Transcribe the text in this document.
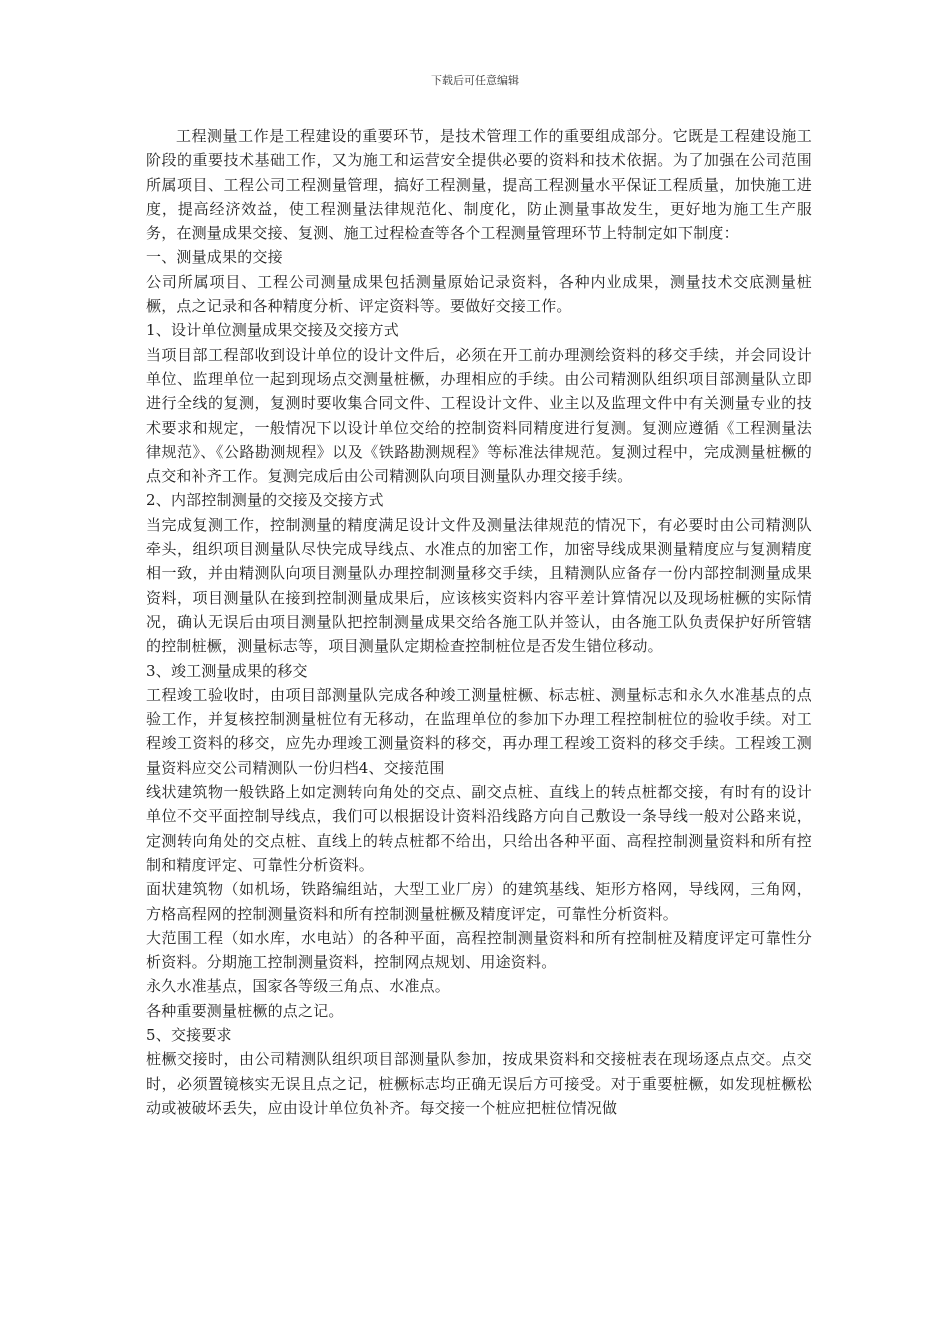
下载后可任意编辑

工程测量工作是工程建设的重要环节，是技术管理工作的重要组成部分。它既是工程建设施工阶段的重要技术基础工作，又为施工和运营安全提供必要的资料和技术依据。为了加强在公司范围所属项目、工程公司工程测量管理，搞好工程测量，提高工程测量水平保证工程质量，加快施工进度，提高经济效益，使工程测量法律规范化、制度化，防止测量事故发生，更好地为施工生产服务，在测量成果交接、复测、施工过程检查等各个工程测量管理环节上特制定如下制度：

一、测量成果的交接

公司所属项目、工程公司测量成果包括测量原始记录资料，各种内业成果，测量技术交底测量桩橛，点之记录和各种精度分析、评定资料等。要做好交接工作。

1、设计单位测量成果交接及交接方式

当项目部工程部收到设计单位的设计文件后，必须在开工前办理测绘资料的移交手续，并会同设计单位、监理单位一起到现场点交测量桩橛，办理相应的手续。由公司精测队组织项目部测量队立即进行全线的复测，复测时要收集合同文件、工程设计文件、业主以及监理文件中有关测量专业的技术要求和规定，一般情况下以设计单位交给的控制资料同精度进行复测。复测应遵循《工程测量法律规范》、《公路勘测规程》以及《铁路勘测规程》等标准法律规范。复测过程中，完成测量桩橛的点交和补齐工作。复测完成后由公司精测队向项目测量队办理交接手续。

2、内部控制测量的交接及交接方式

当完成复测工作，控制测量的精度满足设计文件及测量法律规范的情况下，有必要时由公司精测队牵头，组织项目测量队尽快完成导线点、水准点的加密工作，加密导线成果测量精度应与复测精度相一致，并由精测队向项目测量队办理控制测量移交手续，且精测队应备存一份内部控制测量成果资料，项目测量队在接到控制测量成果后，应该核实资料内容平差计算情况以及现场桩橛的实际情况，确认无误后由项目测量队把控制测量成果交给各施工队并签认，由各施工队负责保护好所管辖的控制桩橛，测量标志等，项目测量队定期检查控制桩位是否发生错位移动。

3、竣工测量成果的移交

工程竣工验收时，由项目部测量队完成各种竣工测量桩橛、标志桩、测量标志和永久水准基点的点验工作，并复核控制测量桩位有无移动，在监理单位的参加下办理工程控制桩位的验收手续。对工程竣工资料的移交，应先办理竣工测量资料的移交，再办理工程竣工资料的移交手续。工程竣工测量资料应交公司精测队一份归档4、交接范围

线状建筑物一般铁路上如定测转向角处的交点、副交点桩、直线上的转点桩都交接，有时有的设计单位不交平面控制导线点，我们可以根据设计资料沿线路方向自己敷设一条导线一般对公路来说，定测转向角处的交点桩、直线上的转点桩都不给出，只给出各种平面、高程控制测量资料和所有控制和精度评定、可靠性分析资料。

面状建筑物（如机场，铁路编组站，大型工业厂房）的建筑基线、矩形方格网，导线网，三角网，方格高程网的控制测量资料和所有控制测量桩橛及精度评定，可靠性分析资料。

大范围工程（如水库，水电站）的各种平面，高程控制测量资料和所有控制桩及精度评定可靠性分析资料。分期施工控制测量资料，控制网点规划、用途资料。

永久水准基点，国家各等级三角点、水准点。

各种重要测量桩橛的点之记。

5、交接要求

桩橛交接时，由公司精测队组织项目部测量队参加，按成果资料和交接桩表在现场逐点点交。点交时，必须置镜核实无误且点之记，桩橛标志均正确无误后方可接受。对于重要桩橛，如发现桩橛松动或被破坏丢失，应由设计单位负补齐。每交接一个桩应把桩位情况做
